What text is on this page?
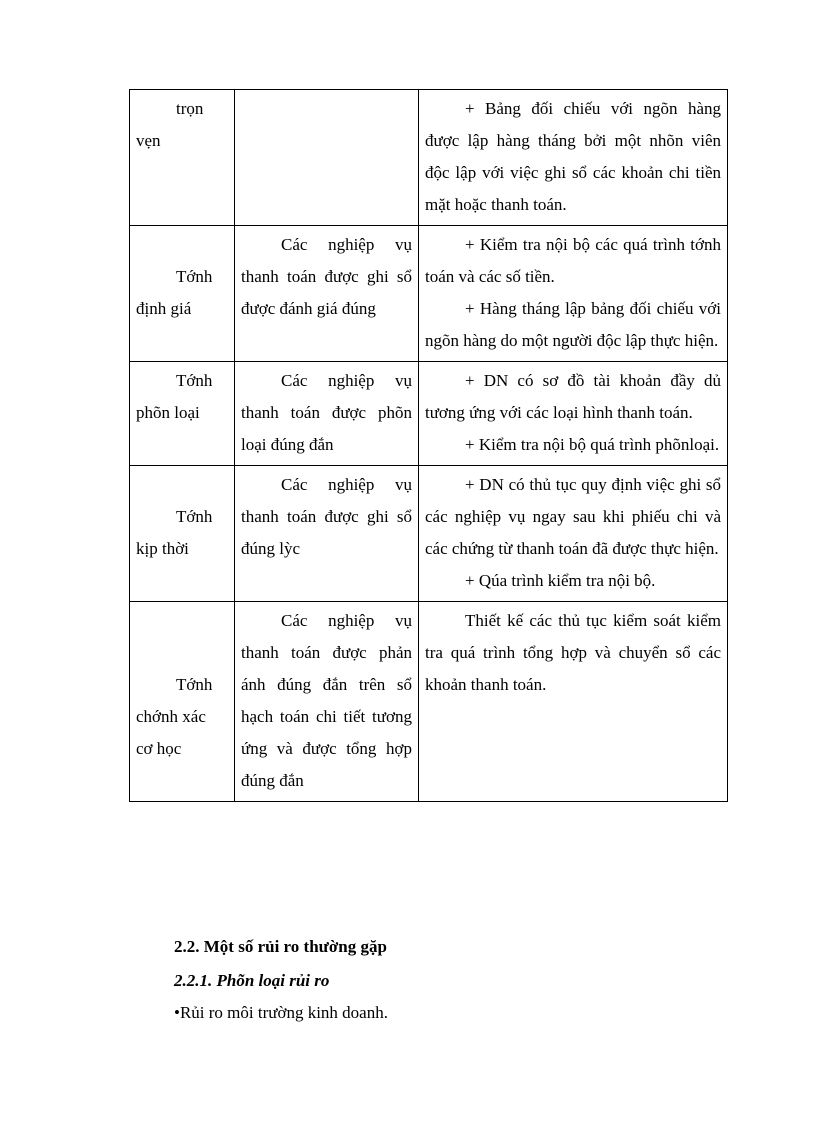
trọn
vẹn		+ Bảng đối chiếu với ngõn hàng được lập hàng tháng bởi một nhõn viên độc lập với việc ghi sổ các khoản chi tiền mặt hoặc thanh toán.

Tớnh
định giá	Các nghiệp vụ thanh toán được ghi sổ được đánh giá đúng	+ Kiểm tra nội bộ các quá trình tớnh toán và các số tiền.
+ Hàng tháng lập bảng đối chiếu với ngõn hàng do một người độc lập thực hiện.

Tớnh
phõn loại	Các nghiệp vụ thanh toán được phõn loại đúng đắn	+ DN có sơ đồ tài khoản đầy dủ tương ứng với các loại hình thanh toán.
+ Kiểm tra nội bộ quá trình phõnloại.

Tớnh
kịp thời	Các nghiệp vụ thanh toán được ghi sổ đúng lỳc	+ DN có thủ tục quy định việc ghi sổ các nghiệp vụ ngay sau khi phiếu chi và các chứng từ thanh toán đã được thực hiện.
+ Qúa trình kiểm tra nội bộ.

Tớnh
chớnh xác
cơ học	Các nghiệp vụ thanh toán được phản ánh đúng đắn trên sổ hạch toán chi tiết tương ứng và được tổng hợp đúng đắn	Thiết kế các thủ tục kiểm soát kiểm tra quá trình tổng hợp và chuyển sổ các khoản thanh toán.
2.2. Một số rủi ro thường gặp
2.2.1. Phõn loại rủi ro
•Rủi ro môi trường kinh doanh.
